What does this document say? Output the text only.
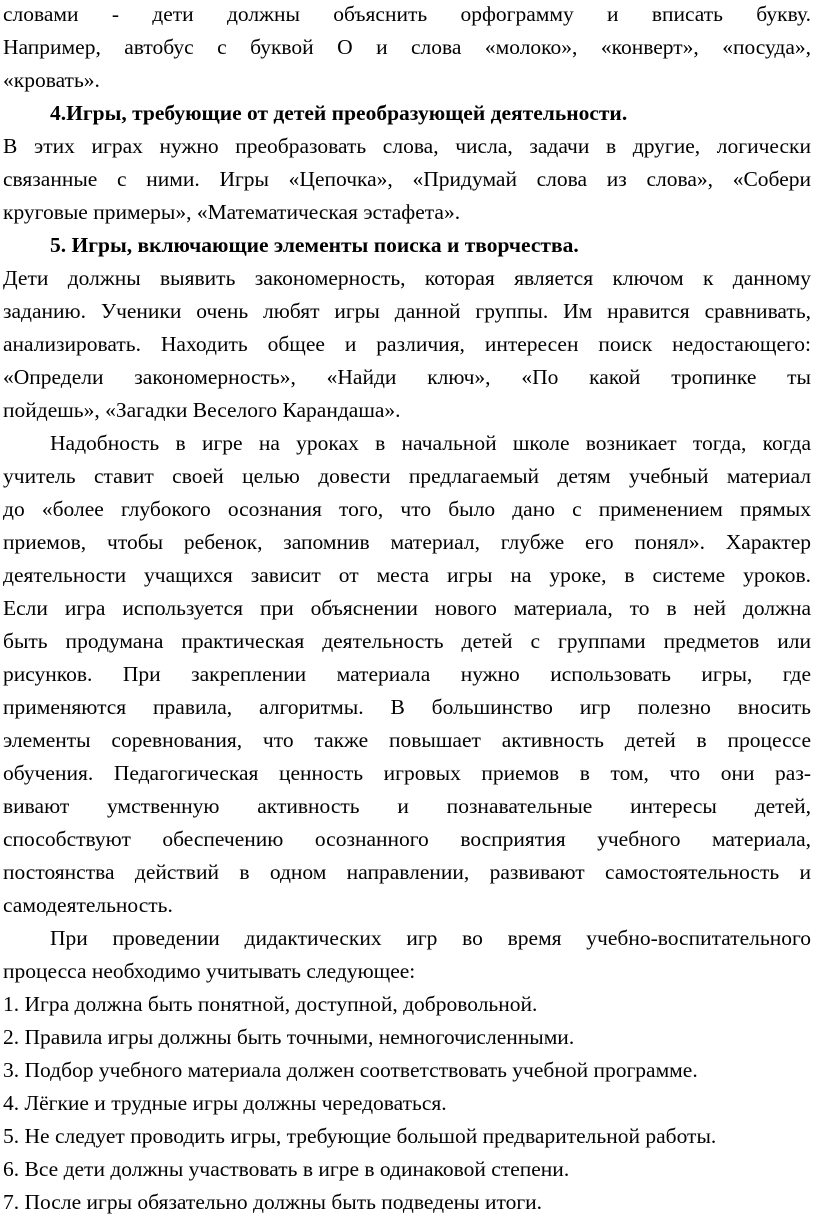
словами - дети должны объяснить орфограмму и вписать букву.
Например, автобус с буквой О и слова «молоко», «конверт», «посуда»,
«кровать».
4.Игры, требующие от детей преобразующей деятельности.
В этих играх нужно преобразовать слова, числа, задачи в другие, логически
связанные с ними. Игры «Цепочка», «Придумай слова из слова», «Собери
круговые примеры», «Математическая эстафета».
5. Игры, включающие элементы поиска и творчества.
Дети должны выявить закономерность, которая является ключом к данному
заданию. Ученики очень любят игры данной группы. Им нравится сравнивать,
анализировать. Находить общее и различия, интересен поиск недостающего:
«Определи закономерность», «Найди ключ», «По какой тропинке ты
пойдешь», «Загадки Веселого Карандаша».
Надобность в игре на уроках в начальной школе возникает тогда, когда
учитель ставит своей целью довести предлагаемый детям учебный материал
до «более глубокого осознания того, что было дано с применением прямых
приемов, чтобы ребенок, запомнив материал, глубже его понял». Характер
деятельности учащихся зависит от места игры на уроке, в системе уроков.
Если игра используется при объяснении нового материала, то в ней должна
быть продумана практическая деятельность детей с группами предметов или
рисунков. При закреплении материала нужно использовать игры, где
применяются правила, алгоритмы. В большинство игр полезно вносить
элементы соревнования, что также повышает активность детей в процессе
обучения. Педагогическая ценность игровых приемов в том, что они раз-
вивают умственную активность и познавательные интересы детей,
способствуют обеспечению осознанного восприятия учебного материала,
постоянства действий в одном направлении, развивают самостоятельность и
самодеятельность.
При проведении дидактических игр во время учебно-воспитательного
процесса необходимо учитывать следующее:
1. Игра должна быть понятной, доступной, добровольной.
2. Правила игры должны быть точными, немногочисленными.
3. Подбор учебного материала должен соответствовать учебной программе.
4. Лёгкие и трудные игры должны чередоваться.
5. Не следует проводить игры, требующие большой предварительной работы.
6. Все дети должны участвовать в игре в одинаковой степени.
7. После игры обязательно должны быть подведены итоги.
